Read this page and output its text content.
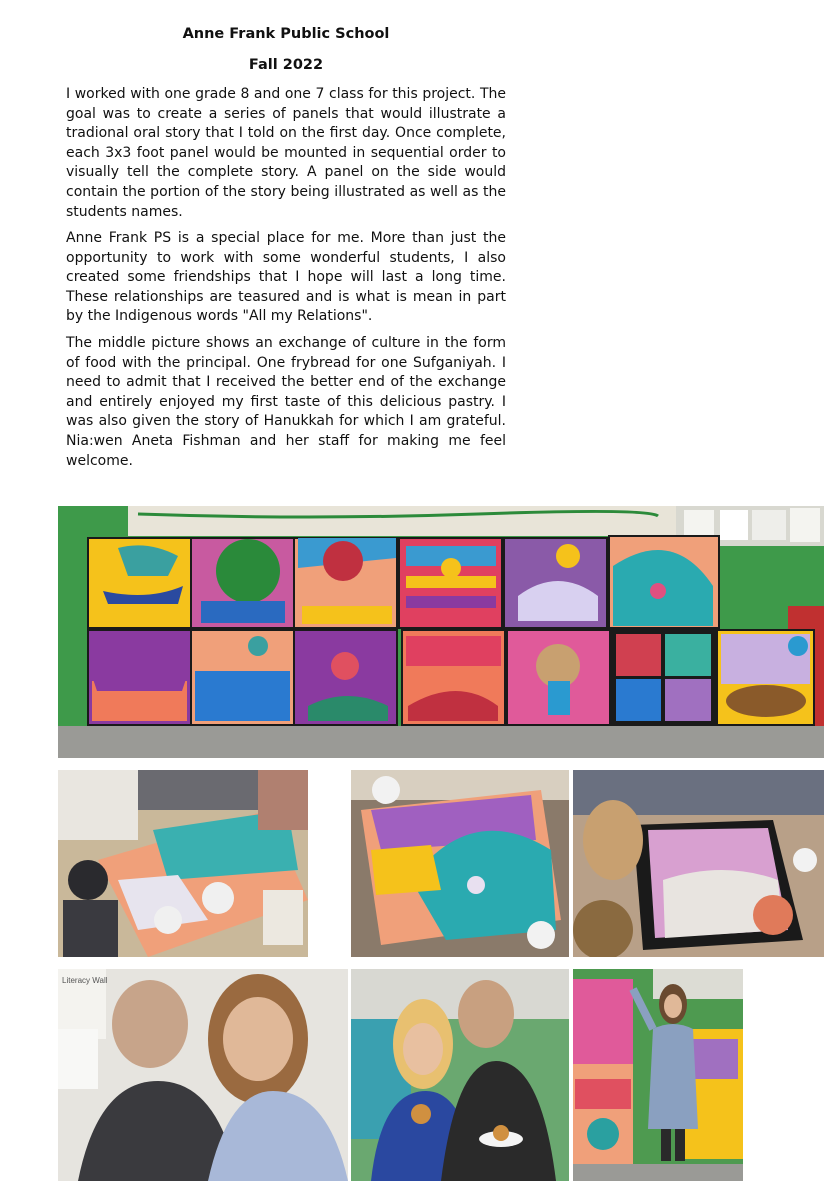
Anne Frank Public School
Fall 2022

I worked with one grade 8 and one 7 class for this project. The goal was to create a series of panels that would illustrate a tradional oral story that I told on the first day. Once complete, each 3x3 foot panel would be mounted in sequential order to visually tell the complete story. A panel on the side would contain the portion of the story being illustrated as well as the students names.

Anne Frank PS is a special place for me. More than just the opportunity to work with some wonderful students, I also created some friendships that I hope will last a long time. These relationships are teasured and is what is mean in part by the Indigenous words "All my Relations".

The middle picture shows an exchange of culture in the form of food with the principal. One frybread for one Sufganiyah. I need to admit that I received the better end of the exchange and entirely enjoyed my first taste of this delicious pastry. I was also given the story of Hanukkah for which I am grateful. Nia:wen Aneta Fishman and her staff for making me feel welcome.

Literacy Wall
